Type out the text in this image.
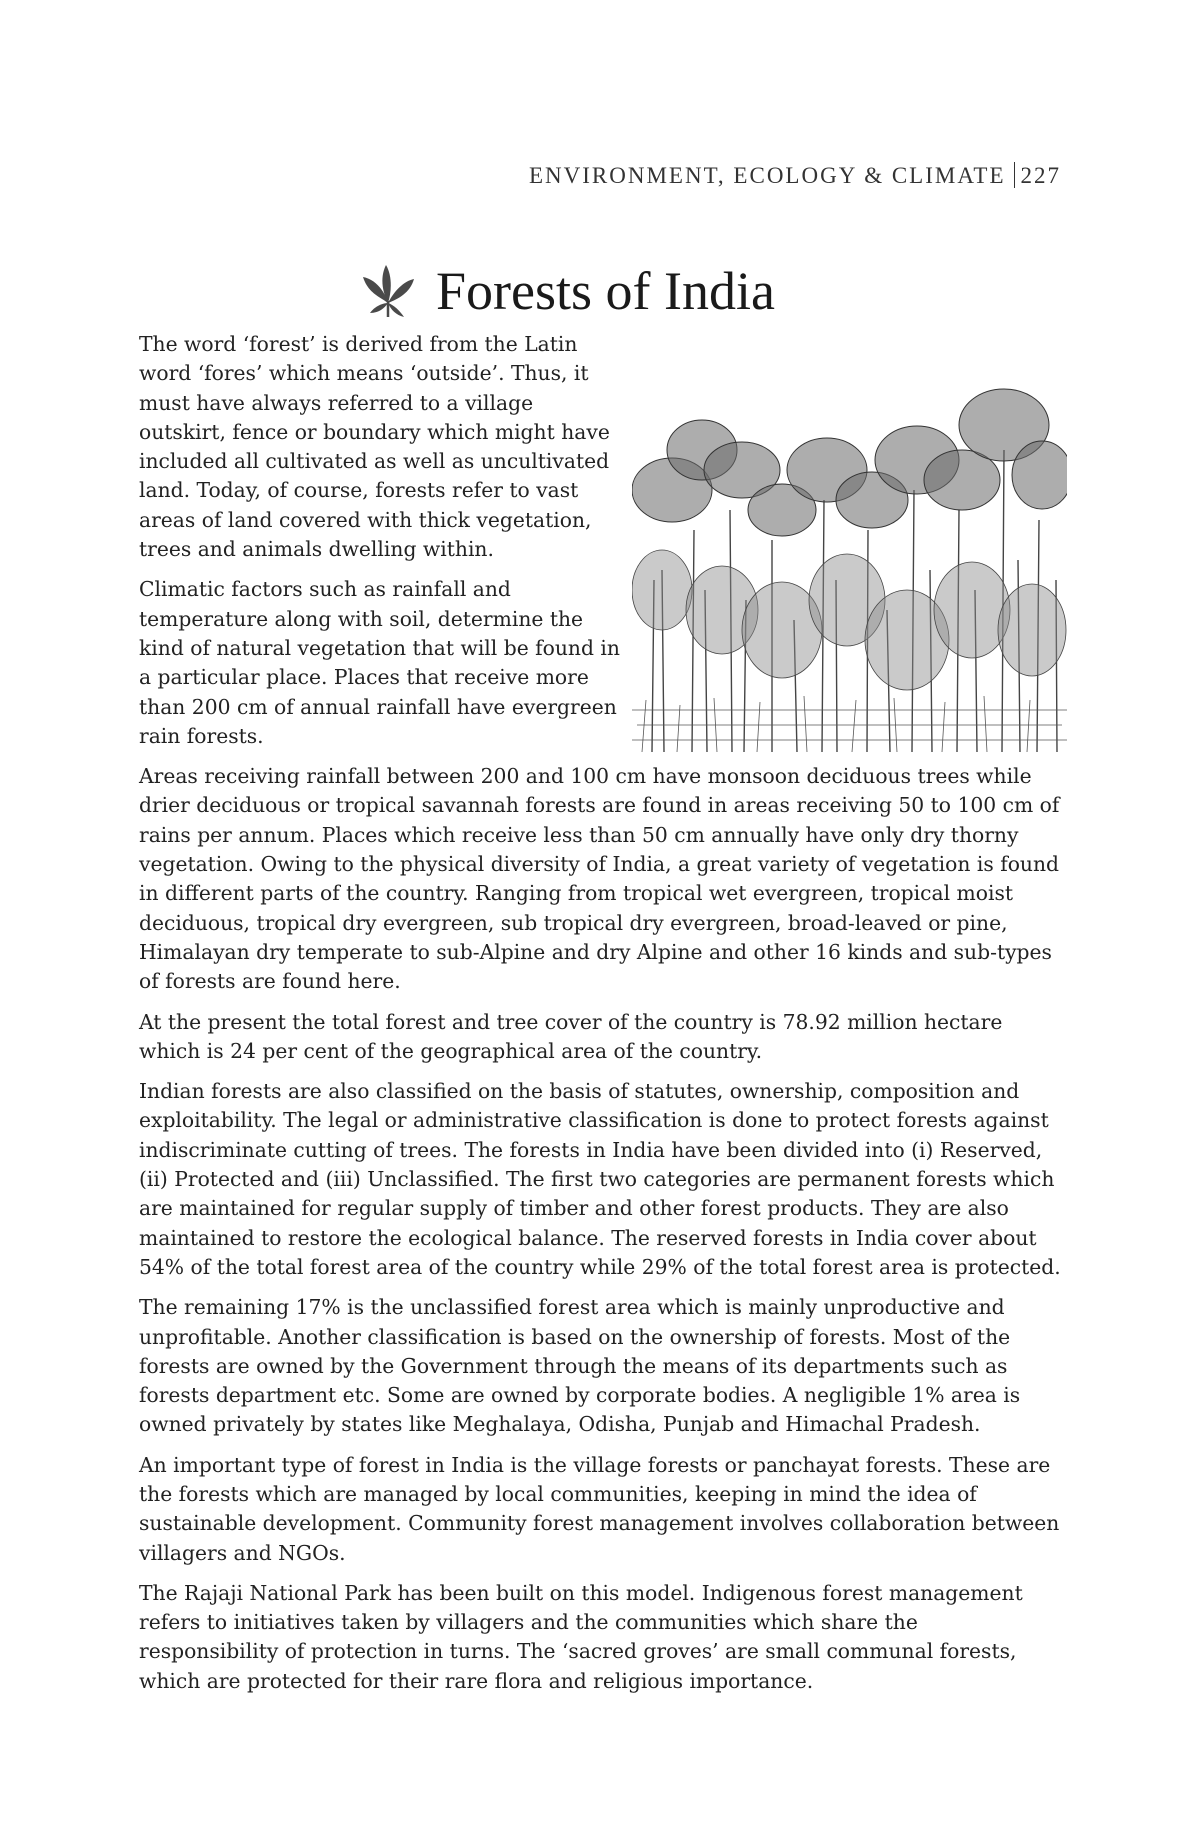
ENVIRONMENT, ECOLOGY & CLIMATE 227
Forests of India

The word ‘forest’ is derived from the Latin word ‘fores’ which means ‘outside’. Thus, it must have always referred to a village outskirt, fence or boundary which might have included all cultivated as well as uncultivated land. Today, of course, forests refer to vast areas of land covered with thick vegetation, trees and animals dwelling within.

Climatic factors such as rainfall and temperature along with soil, determine the kind of natural vegetation that will be found in a particular place. Places that receive more than 200 cm of annual rainfall have evergreen rain forests.

Areas receiving rainfall between 200 and 100 cm have monsoon deciduous trees while drier deciduous or tropical savannah forests are found in areas receiving 50 to 100 cm of rains per annum. Places which receive less than 50 cm annually have only dry thorny vegetation. Owing to the physical diversity of India, a great variety of vegetation is found in different parts of the country. Ranging from tropical wet evergreen, tropical moist deciduous, tropical dry evergreen, sub tropical dry evergreen, broad-leaved or pine, Himalayan dry temperate to sub-Alpine and dry Alpine and other 16 kinds and sub-types of forests are found here.

At the present the total forest and tree cover of the country is 78.92 million hectare which is 24 per cent of the geographical area of the country.

Indian forests are also classified on the basis of statutes, ownership, composition and exploitability. The legal or administrative classification is done to protect forests against indiscriminate cutting of trees. The forests in India have been divided into (i) Reserved, (ii) Protected and (iii) Unclassified. The first two categories are permanent forests which are maintained for regular supply of timber and other forest products. They are also maintained to restore the ecological balance. The reserved forests in India cover about 54% of the total forest area of the country while 29% of the total forest area is protected.

The remaining 17% is the unclassified forest area which is mainly unproductive and unprofitable. Another classification is based on the ownership of forests. Most of the forests are owned by the Government through the means of its departments such as forests department etc. Some are owned by corporate bodies. A negligible 1% area is owned privately by states like Meghalaya, Odisha, Punjab and Himachal Pradesh.

An important type of forest in India is the village forests or panchayat forests. These are the forests which are managed by local communities, keeping in mind the idea of sustainable development. Community forest management involves collaboration between villagers and NGOs.

The Rajaji National Park has been built on this model. Indigenous forest management refers to initiatives taken by villagers and the communities which share the responsibility of protection in turns. The ‘sacred groves’ are small communal forests, which are protected for their rare flora and religious importance.
